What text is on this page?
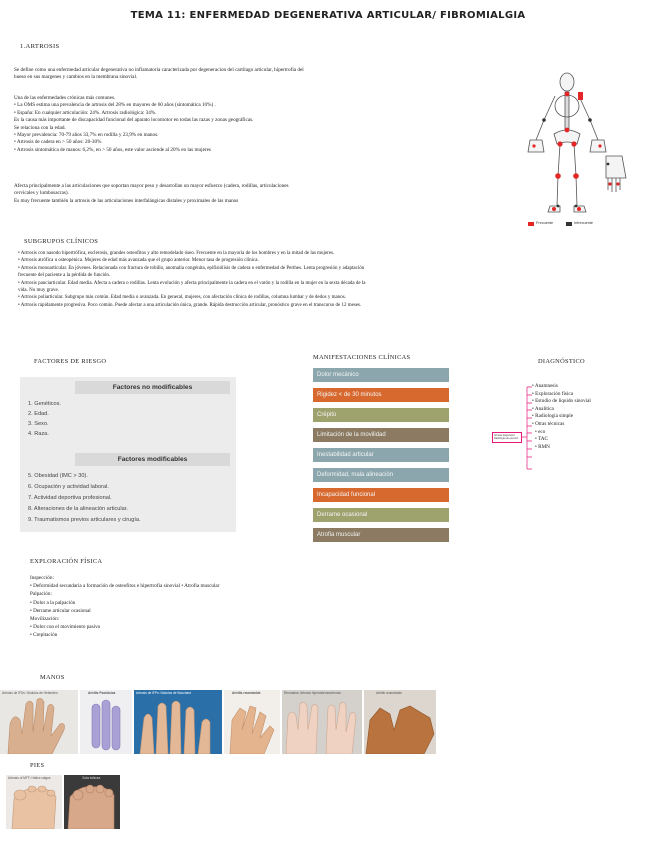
TEMA 11: ENFERMEDAD DEGENERATIVA ARTICULAR/ FIBROMIALGIA
1.ARTROSIS
Se define como una enfermedad articular degenerativa no inflamatoria caracterizada por degeneracion del cartilago articular, hipertrofia del
hueso en sus margenes y cambios en la membrana sinovial.
Una de las enfermedades crónicas más comunes.
• La OMS estima una prevalencia de artrosis del 28% en mayores de 60 años (sintomática 10%) .
• España: En cualquier articulación: 24%. Artrosis radiológica: 34%.
Es la causa más importante de discapacidad funcional del aparato locomotor en todas las razas y zonas geográficas.
Se relaciona con la edad.
• Mayor prevalencia: 70-79 años 33,7% en rodilla y 23,9% en manos.
• Artrosis de cadera en > 50 años: 20-30%
• Artrosis sintomática de manos: 6,2%, en > 50 años, este valor asciende al 20% en las mujeres
Afecta principalmente a las articulaciones que soportan mayor peso y desarrollan un mayor esfuerzo (cadera, rodillas, articulaciones
cervicales y lumbosacras).
Es muy frecuente también la artrosis de las articulaciones interfalángicas distales y proximales de las manos
Frecuente	Infrecuente
SUBGRUPOS CLÍNICOS
• Artrosis con nasodo hipertrófica, esclerosis, grandes osteofitos y alto remodelado óseo. Frecuente en la mayoría de los hombres y en la mitad de las mujeres.
• Artrosis atrófica u osteopénica. Mujeres de edad más avanzada que el grupo anterior. Menor tasa de progresión clínica.
• Artrosis monoarticular. En jóvenes. Relacionada con fractura de tobillo, anomalía congénita, epifisiólisis de cadera o enfermedad de Perthes. Lenta progresión y adaptación
frecuente del paciente a la pérdida de función.
• Artrosis pauciarticular. Edad media. Afecta a cadera o rodillas. Lenta evolución y afecta principalmente la cadera en el varón y la rodilla en la mujer en la sexta década de la
vida. No muy grave.
• Artrosis poliarticular. Subgrupo más común. Edad media o avanzada. En general, mujeres, con afectación clínica de rodillas, columna lumbar y de dedos y manos.
• Artrosis rápidamente progresiva. Poco común. Puede afectar a una articulación única, grande. Rápida destrucción articular, pronóstico grave en el transcurso de 12 meses.
FACTORES DE RIESGO
Factores no modificables
1. Genéticos.
2. Edad.
3. Sexo.
4. Raza.
Factores modificables
5. Obesidad (IMC > 30).
6. Ocupación y actividad laboral.
7. Actividad deportiva profesional.
8. Alteraciones de la alineación articular.
9. Traumatismos previos articulares y cirugía.
MANIFESTACIONES CLÍNICAS
Dolor mecánico
Rigidez < de 30 minutos
Crépito
Limitación de la movilidad
Inestabilidad articular
Deformidad, mala alineación
Incapacidad funcional
Derrame ocasional
Atrofia muscular
DIAGNÓSTICO
Artrosis diagnóstico Radiología de elección
• Anamnesis
• Exploración física
• Estudio de líquido sinovial
• Analítica
• Radiología simple
• Otras técnicas
• eco
• TAC
• RMN
EXPLORACIÓN FÍSICA
Inspección:
• Deformidad secundaria a formación de osteofitos e hipertrofia sinovial • Atrofia muscular
Palpación:
• Dolor a la palpación
• Derrame articular ocasional
Movilización:
• Dolor con el movimiento pasivo
• Crepitación
MANOS
Artrosis de IFDs: Nódulos de Heberden	Artritis Psoriásica	Artrosis de IFPs: Nódulos de Bouchard	Artritis reumatoide	Reumatos: Artrosis hiperosteoesclerosis	Artritis reumatoide
PIES
Artrosis of MTF: Hallux valgus	Gota tofácea
